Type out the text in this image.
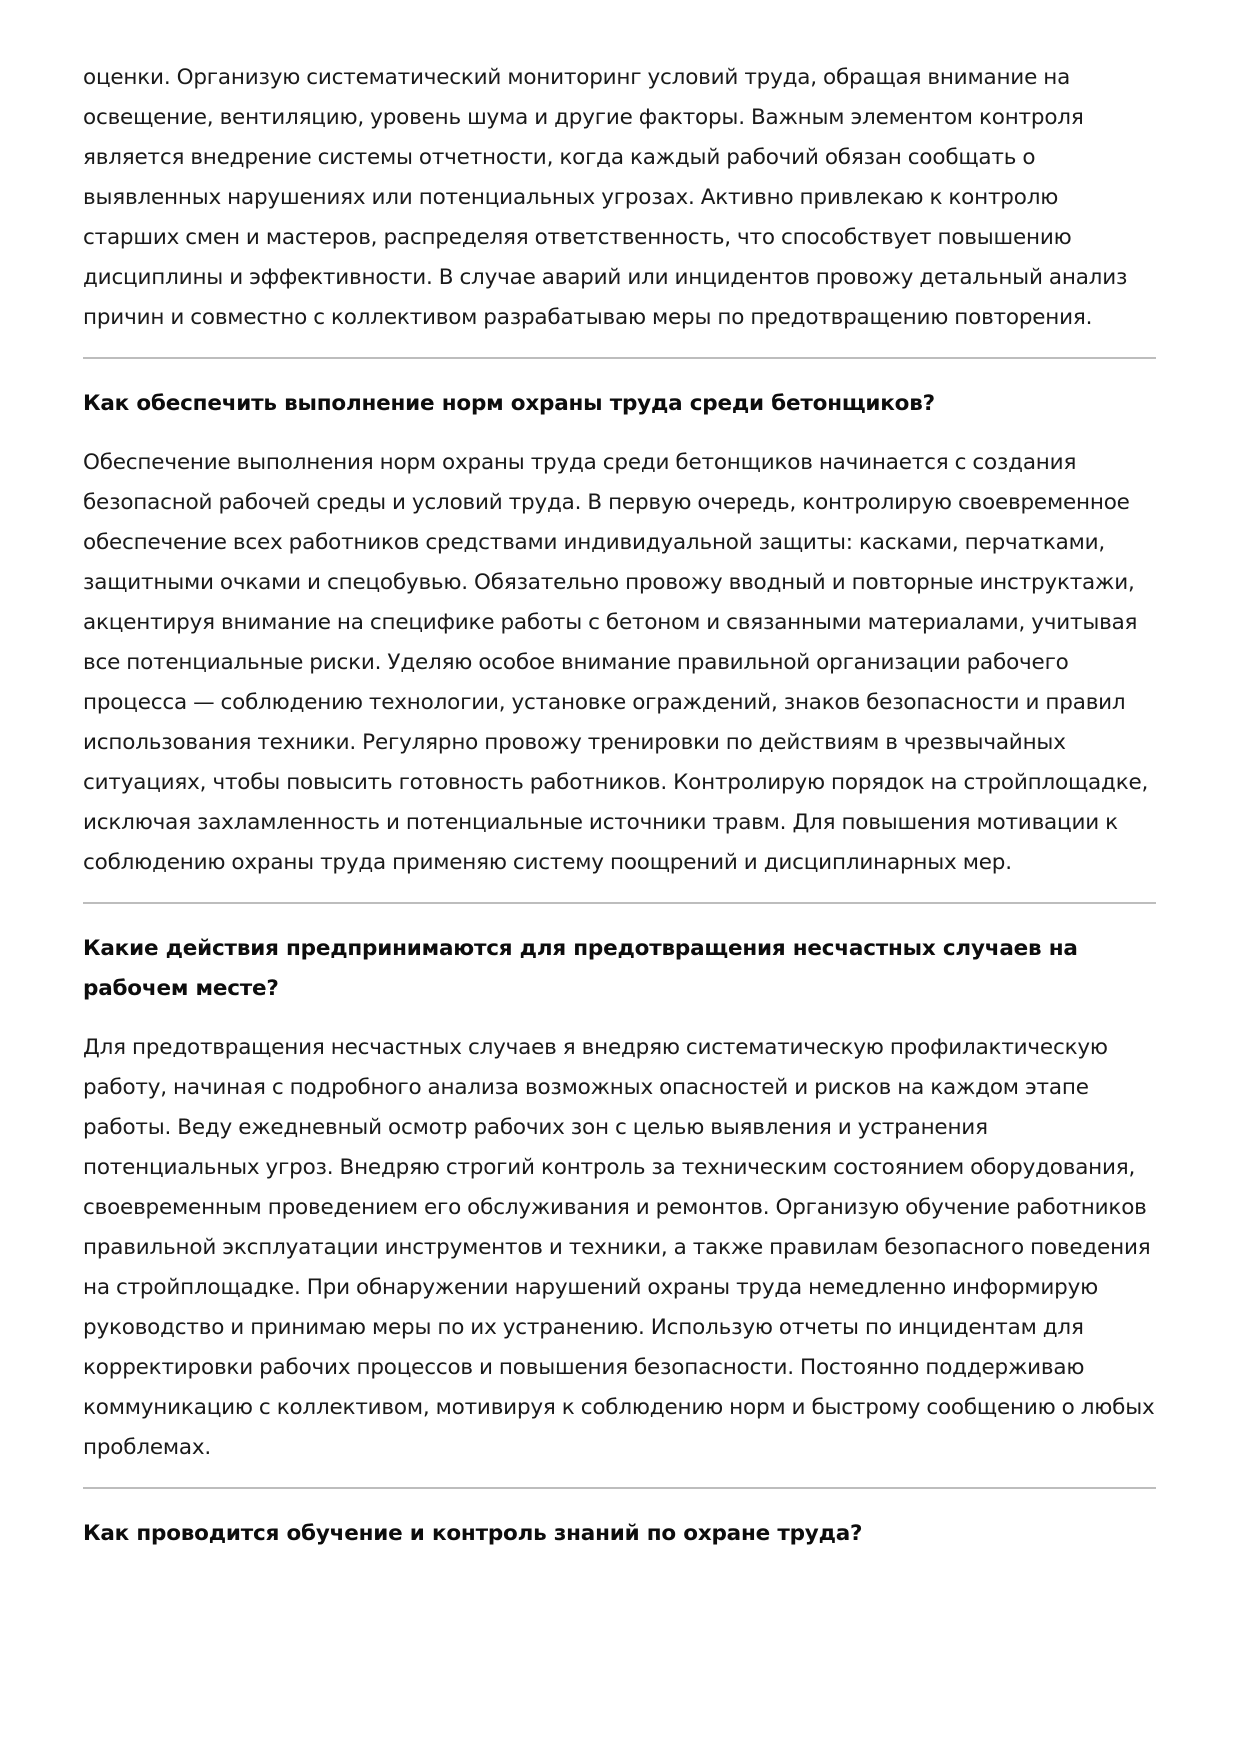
оценки. Организую систематический мониторинг условий труда, обращая внимание на освещение, вентиляцию, уровень шума и другие факторы. Важным элементом контроля является внедрение системы отчетности, когда каждый рабочий обязан сообщать о выявленных нарушениях или потенциальных угрозах. Активно привлекаю к контролю старших смен и мастеров, распределяя ответственность, что способствует повышению дисциплины и эффективности. В случае аварий или инцидентов провожу детальный анализ причин и совместно с коллективом разрабатываю меры по предотвращению повторения.

Как обеспечить выполнение норм охраны труда среди бетонщиков?

Обеспечение выполнения норм охраны труда среди бетонщиков начинается с создания безопасной рабочей среды и условий труда. В первую очередь, контролирую своевременное обеспечение всех работников средствами индивидуальной защиты: касками, перчатками, защитными очками и спецобувью. Обязательно провожу вводный и повторные инструктажи, акцентируя внимание на специфике работы с бетоном и связанными материалами, учитывая все потенциальные риски. Уделяю особое внимание правильной организации рабочего процесса — соблюдению технологии, установке ограждений, знаков безопасности и правил использования техники. Регулярно провожу тренировки по действиям в чрезвычайных ситуациях, чтобы повысить готовность работников. Контролирую порядок на стройплощадке, исключая захламленность и потенциальные источники травм. Для повышения мотивации к соблюдению охраны труда применяю систему поощрений и дисциплинарных мер.

Какие действия предпринимаются для предотвращения несчастных случаев на рабочем месте?

Для предотвращения несчастных случаев я внедряю систематическую профилактическую работу, начиная с подробного анализа возможных опасностей и рисков на каждом этапе работы. Веду ежедневный осмотр рабочих зон с целью выявления и устранения потенциальных угроз. Внедряю строгий контроль за техническим состоянием оборудования, своевременным проведением его обслуживания и ремонтов. Организую обучение работников правильной эксплуатации инструментов и техники, а также правилам безопасного поведения на стройплощадке. При обнаружении нарушений охраны труда немедленно информирую руководство и принимаю меры по их устранению. Использую отчеты по инцидентам для корректировки рабочих процессов и повышения безопасности. Постоянно поддерживаю коммуникацию с коллективом, мотивируя к соблюдению норм и быстрому сообщению о любых проблемах.

Как проводится обучение и контроль знаний по охране труда?
